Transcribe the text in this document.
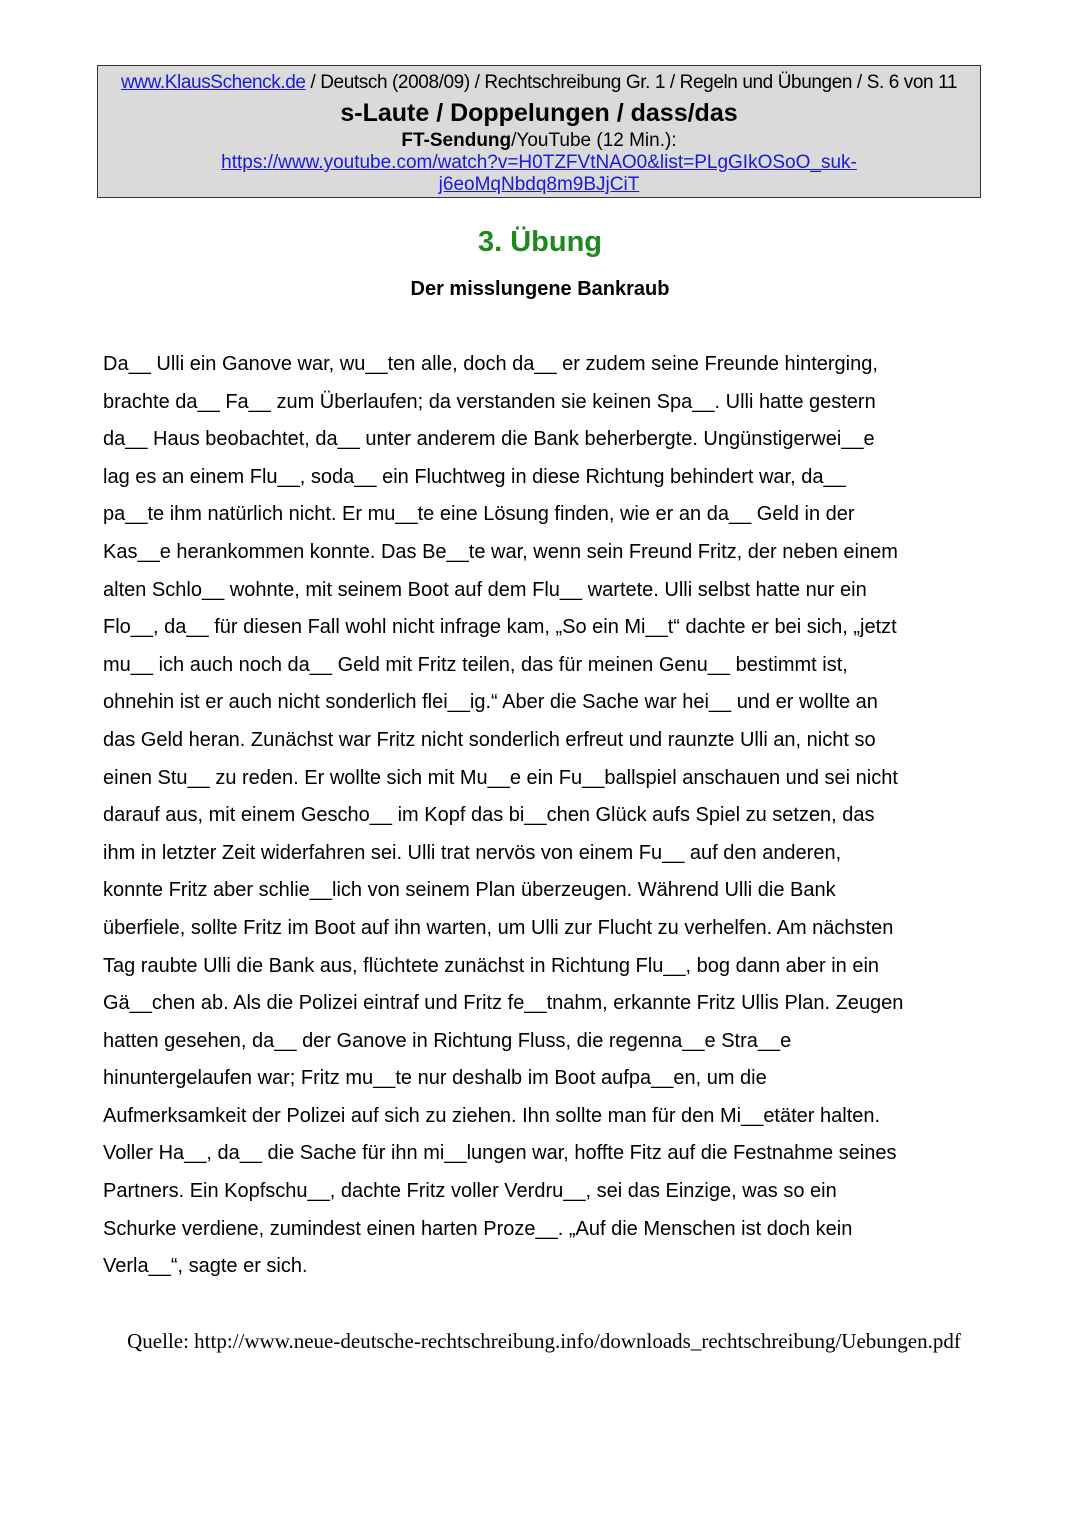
www.KlausSchenck.de / Deutsch (2008/09) / Rechtschreibung Gr. 1 / Regeln und Übungen / S. 6 von 11
s-Laute / Doppelungen / dass/das
FT-Sendung/YouTube (12 Min.):
https://www.youtube.com/watch?v=H0TZFVtNAO0&list=PLgGIkOSoO_suk-
j6eoMqNbdq8m9BJjCiT
3. Übung
Der misslungene Bankraub
Da__ Ulli ein Ganove war, wu__ten alle, doch da__ er zudem seine Freunde hinterging,
brachte da__ Fa__ zum Überlaufen; da verstanden sie keinen Spa__. Ulli hatte gestern
da__ Haus beobachtet, da__ unter anderem die Bank beherbergte. Ungünstigerwei__e
lag es an einem Flu__, soda__ ein Fluchtweg in diese Richtung behindert war, da__
pa__te ihm natürlich nicht. Er mu__te eine Lösung finden, wie er an da__ Geld in der
Kas__e herankommen konnte. Das Be__te war, wenn sein Freund Fritz, der neben einem
alten Schlo__ wohnte, mit seinem Boot auf dem Flu__ wartete. Ulli selbst hatte nur ein
Flo__, da__ für diesen Fall wohl nicht infrage kam, „So ein Mi__t“ dachte er bei sich, „jetzt
mu__ ich auch noch da__ Geld mit Fritz teilen, das für meinen Genu__ bestimmt ist,
ohnehin ist er auch nicht sonderlich flei__ig.“ Aber die Sache war hei__ und er wollte an
das Geld heran. Zunächst war Fritz nicht sonderlich erfreut und raunzte Ulli an, nicht so
einen Stu__ zu reden. Er wollte sich mit Mu__e ein Fu__ballspiel anschauen und sei nicht
darauf aus, mit einem Gescho__ im Kopf das bi__chen Glück aufs Spiel zu setzen, das
ihm in letzter Zeit widerfahren sei. Ulli trat nervös von einem Fu__ auf den anderen,
konnte Fritz aber schlie__lich von seinem Plan überzeugen. Während Ulli die Bank
überfiele, sollte Fritz im Boot auf ihn warten, um Ulli zur Flucht zu verhelfen. Am nächsten
Tag raubte Ulli die Bank aus, flüchtete zunächst in Richtung Flu__, bog dann aber in ein
Gä__chen ab. Als die Polizei eintraf und Fritz fe__tnahm, erkannte Fritz Ullis Plan. Zeugen
hatten gesehen, da__ der Ganove in Richtung Fluss, die regenna__e Stra__e
hinuntergelaufen war; Fritz mu__te nur deshalb im Boot aufpa__en, um die
Aufmerksamkeit der Polizei auf sich zu ziehen. Ihn sollte man für den Mi__etäter halten.
Voller Ha__, da__ die Sache für ihn mi__lungen war, hoffte Fitz auf die Festnahme seines
Partners. Ein Kopfschu__, dachte Fritz voller Verdru__, sei das Einzige, was so ein
Schurke verdiene, zumindest einen harten Proze__. „Auf die Menschen ist doch kein
Verla__“, sagte er sich.
Quelle: http://www.neue-deutsche-rechtschreibung.info/downloads_rechtschreibung/Uebungen.pdf
